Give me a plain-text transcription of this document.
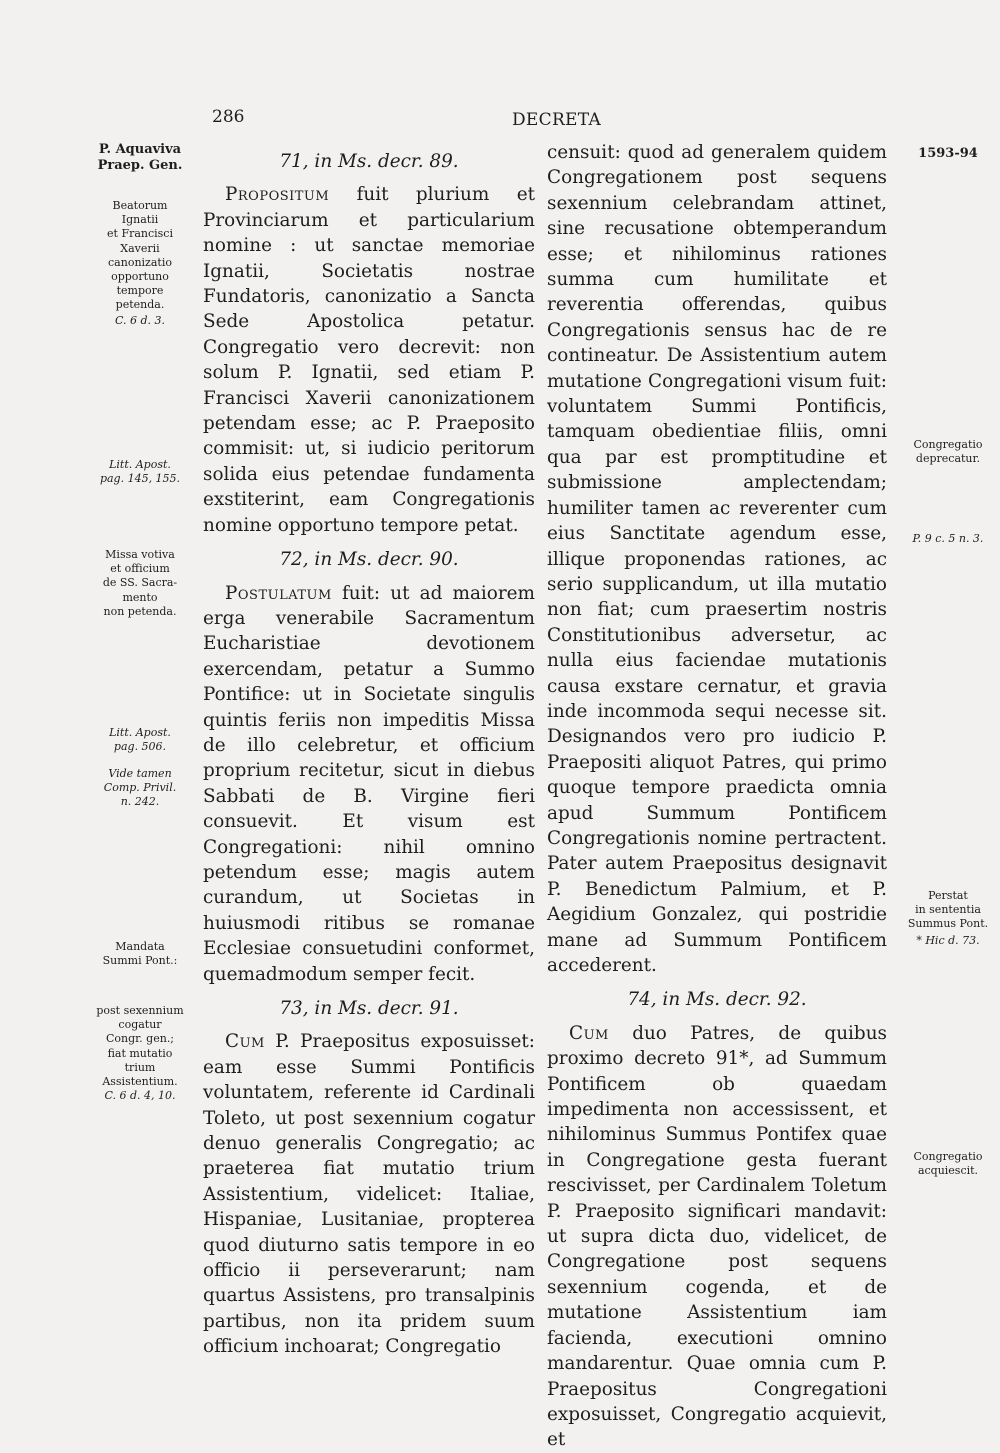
286	DECRETA
P. Aquaviva
Praep. Gen.
Beatorum
Ignatii
et Francisci
Xaverii
canonizatio
opportuno
tempore
petenda.
C. 6 d. 3.
Litt. Apost.
pag. 145, 155.
Missa votiva
et officium
de SS. Sacra-
mento
non petenda.
Litt. Apost.
pag. 506.
Vide tamen
Comp. Privil.
n. 242.
Mandata
Summi Pont.:
post sexennium
cogatur
Congr. gen.;
fiat mutatio
trium
Assistentium.
C. 6 d. 4, 10.
1593-94
Congregatio
deprecatur.
P. 9 c. 5 n. 3.
Perstat
in sententia
Summus Pont.
* Hic d. 73.
Congregatio
acquiescit.
71, in Ms. decr. 89.

Propositum fuit plurium et Provinciarum et particularium nomine : ut sanctae memoriae Ignatii, Societatis nostrae Fundatoris, canonizatio a Sancta Sede Apostolica petatur. Congregatio vero decrevit: non solum P. Ignatii, sed etiam P. Francisci Xaverii canonizationem petendam esse; ac P. Praeposito commisit: ut, si iudicio peritorum solida eius petendae fundamenta exstiterint, eam Congregationis nomine opportuno tempore petat.

72, in Ms. decr. 90.

Postulatum fuit: ut ad maiorem erga venerabile Sacramentum Eucharistiae devotionem exercendam, petatur a Summo Pontifice: ut in Societate singulis quintis feriis non impeditis Missa de illo celebretur, et officium proprium recitetur, sicut in diebus Sabbati de B. Virgine fieri consuevit. Et visum est Congregationi: nihil omnino petendum esse; magis autem curandum, ut Societas in huiusmodi ritibus se romanae Ecclesiae consuetudini conformet, quemadmodum semper fecit.

73, in Ms. decr. 91.

Cum P. Praepositus exposuisset: eam esse Summi Pontificis voluntatem, referente id Cardinali Toleto, ut post sexennium cogatur denuo generalis Congregatio; ac praeterea fiat mutatio trium Assistentium, videlicet: Italiae, Hispaniae, Lusitaniae, propterea quod diuturno satis tempore in eo officio ii perseverarunt; nam quartus Assistens, pro transalpinis partibus, non ita pridem suum officium inchoarat; Congregatio

censuit: quod ad generalem quidem Congregationem post sequens sexennium celebrandam attinet, sine recusatione obtemperandum esse; et nihilominus rationes summa cum humilitate et reverentia offerendas, quibus Congregationis sensus hac de re contineatur. De Assistentium autem mutatione Congregationi visum fuit: voluntatem Summi Pontificis, tamquam obedientiae filiis, omni qua par est promptitudine et submissione amplectendam; humiliter tamen ac reverenter cum eius Sanctitate agendum esse, illique proponendas rationes, ac serio supplicandum, ut illa mutatio non fiat; cum praesertim nostris Constitutionibus adversetur, ac nulla eius faciendae mutationis causa exstare cernatur, et gravia inde incommoda sequi necesse sit. Designandos vero pro iudicio P. Praepositi aliquot Patres, qui primo quoque tempore praedicta omnia apud Summum Pontificem Congregationis nomine pertractent. Pater autem Praepositus designavit P. Benedictum Palmium, et P. Aegidium Gonzalez, qui postridie mane ad Summum Pontificem accederent.

74, in Ms. decr. 92.

Cum duo Patres, de quibus proximo decreto 91*, ad Summum Pontificem ob quaedam impedimenta non accessissent, et nihilominus Summus Pontifex quae in Congregatione gesta fuerant rescivisset, per Cardinalem Toletum P. Praeposito significari mandavit: ut supra dicta duo, videlicet, de Congregatione post sequens sexennium cogenda, et de mutatione Assistentium iam facienda, executioni omnino mandarentur. Quae omnia cum P. Praepositus Congregationi exposuisset, Congregatio acquievit, et
